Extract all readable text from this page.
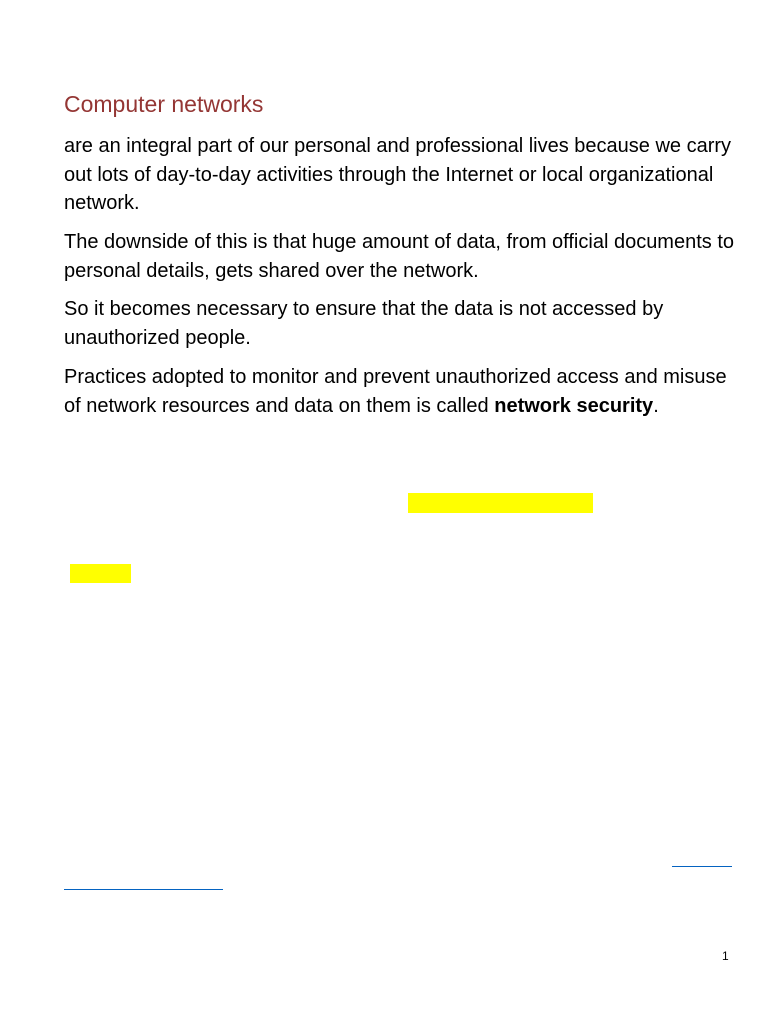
Computer networks

are an integral part of our personal and professional lives because we carry out lots of day-to-day activities through the Internet or local organizational network.

The downside of this is that huge amount of data, from official documents to personal details, gets shared over the network.

So it becomes necessary to ensure that the data is not accessed by unauthorized people.

Practices adopted to monitor and prevent unauthorized access and misuse of network resources and data on them is called network security.

1
